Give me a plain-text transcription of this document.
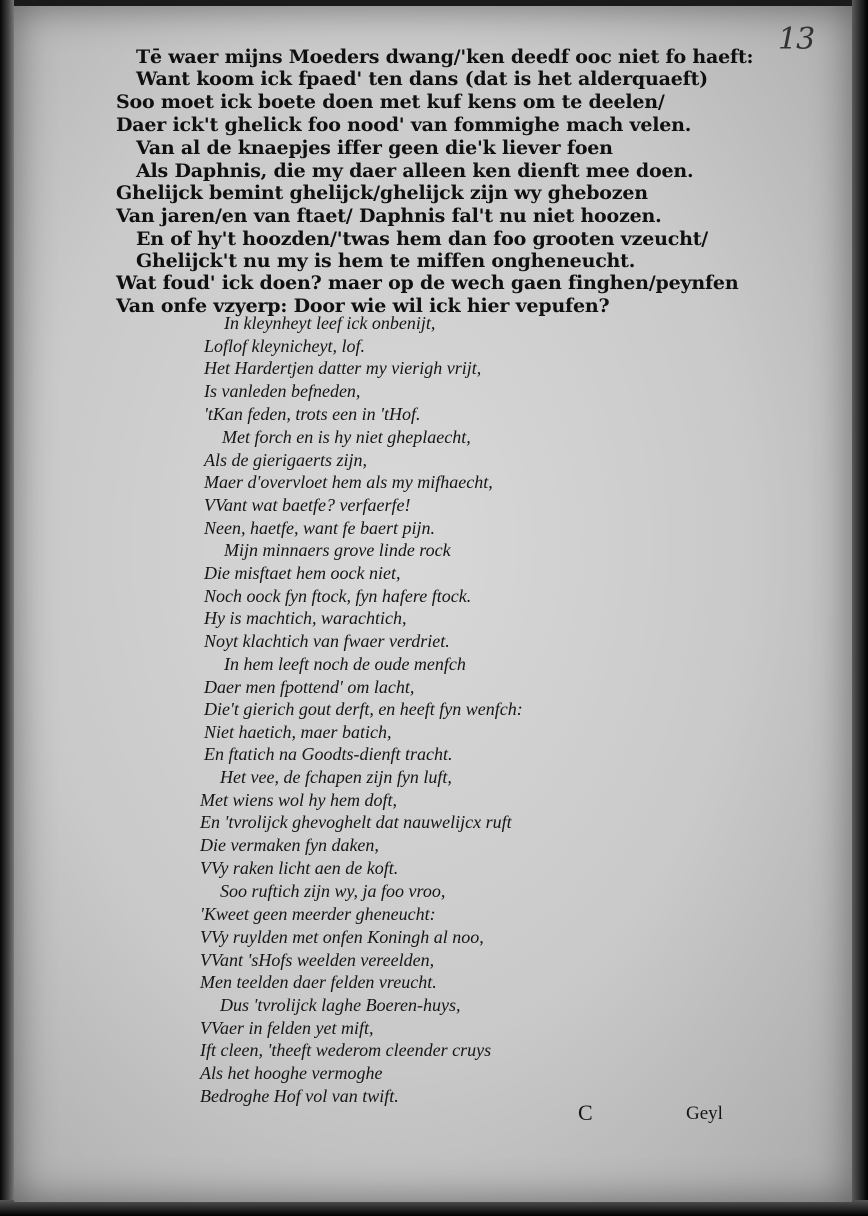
13
Tē waer mijns Moeders dwang/'ken deedf ooc niet fo haeft:
Want koom ick fpaed' ten dans (dat is het alderquaeft)
Soo moet ick boete doen met kuf kens om te deelen/
Daer ick't ghelick foo nood' van fommighe mach velen.
Van al de knaepjes iffer geen die'k liever foen
Als Daphnis, die my daer alleen ken dienft mee doen.
Ghelijck bemint ghelijck/ghelijck zijn wy ghebozen
Van jaren/en van ftaet/ Daphnis fal't nu niet hoozen.
En of hy't hoozden/'twas hem dan foo grooten vzeucht/
Ghelijck't nu my is hem te miffen ongheneucht.
Wat foud' ick doen? maer op de wech gaen finghen/peynfen
Van onfe vzyerp: Door wie wil ick hier vepufen?
In kleynheyt leef ick onbenijt,
Loflof kleynicheyt, lof.
Het Hardertjen datter my vierigh vrijt,
Is vanleden befneden,
'tKan feden, trots een in 'tHof.
Met forch en is hy niet gheplaecht,
Als de gierigaerts zijn,
Maer d'overvloet hem als my mifhaecht,
VVant wat baetfe? verfaerfe!
Neen, haetfe, want fe baert pijn.
Mijn minnaers grove linde rock
Die misftaet hem oock niet,
Noch oock fyn ftock, fyn hafere ftock.
Hy is machtich, warachtich,
Noyt klachtich van fwaer verdriet.
In hem leeft noch de oude menfch
Daer men fpottend' om lacht,
Die't gierich gout derft, en heeft fyn wenfch:
Niet haetich, maer batich,
En ftatich na Goodts-dienft tracht.
Het vee, de fchapen zijn fyn luft,
Met wiens wol hy hem doft,
En 'tvrolijck ghevoghelt dat nauwelijcx ruft
Die vermaken fyn daken,
VVy raken licht aen de koft.
Soo ruftich zijn wy, ja foo vroo,
'Kweet geen meerder gheneucht:
VVy ruylden met onfen Koningh al noo,
VVant 'sHofs weelden vereelden,
Men teelden daer felden vreucht.
Dus 'tvrolijck laghe Boeren-huys,
VVaer in felden yet mift,
Ift cleen, 'theeft wederom cleender cruys
Als het hooghe vermoghe
Bedroghe Hof vol van twift.
C	Geyl
